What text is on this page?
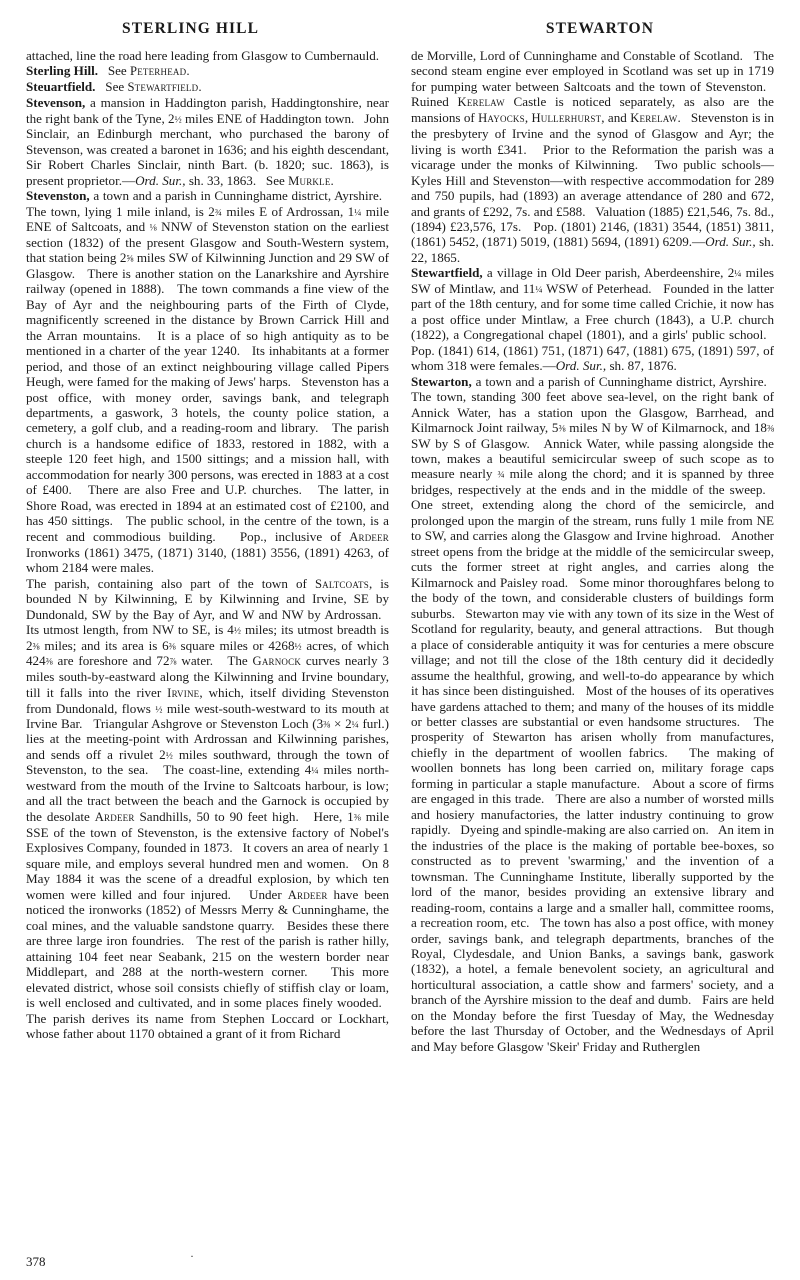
STERLING HILL	STEWARTON

attached, line the road here leading from Glasgow to Cumbernauld.

Sterling Hill.   See Peterhead.

Steuartfield.   See Stewartfield.

Stevenson, a mansion in Haddington parish, Haddingtonshire, near the right bank of the Tyne, 2½ miles ENE of Haddington town.   John Sinclair, an Edinburgh merchant, who purchased the barony of Stevenson, was created a baronet in 1636; and his eighth descendant, Sir Robert Charles Sinclair, ninth Bart. (b. 1820; suc. 1863), is present proprietor.—Ord. Sur., sh. 33, 1863.   See Murkle.

Stevenston, a town and a parish in Cunninghame district, Ayrshire.   The town, lying 1 mile inland, is 2¾ miles E of Ardrossan, 1¼ mile ENE of Saltcoats, and ⅛ NNW of Stevenston station on the earliest section (1832) of the present Glasgow and South-Western system, that station being 2⅝ miles SW of Kilwinning Junction and 29 SW of Glasgow.   There is another station on the Lanarkshire and Ayrshire railway (opened in 1888).   The town commands a fine view of the Bay of Ayr and the neighbouring parts of the Firth of Clyde, magnificently screened in the distance by Brown Carrick Hill and the Arran mountains.   It is a place of so high antiquity as to be mentioned in a charter of the year 1240.   Its inhabitants at a former period, and those of an extinct neighbouring village called Pipers Heugh, were famed for the making of Jews' harps.   Stevenston has a post office, with money order, savings bank, and telegraph departments, a gaswork, 3 hotels, the county police station, a cemetery, a golf club, and a reading-room and library.   The parish church is a handsome edifice of 1833, restored in 1882, with a steeple 120 feet high, and 1500 sittings; and a mission hall, with accommodation for nearly 300 persons, was erected in 1883 at a cost of £400.   There are also Free and U.P. churches.   The latter, in Shore Road, was erected in 1894 at an estimated cost of £2100, and has 450 sittings.   The public school, in the centre of the town, is a recent and commodious building.   Pop., inclusive of Ardeer Ironworks (1861) 3475, (1871) 3140, (1881) 3556, (1891) 4263, of whom 2184 were males.

The parish, containing also part of the town of Saltcoats, is bounded N by Kilwinning, E by Kilwinning and Irvine, SE by Dundonald, SW by the Bay of Ayr, and W and NW by Ardrossan.   Its utmost length, from NW to SE, is 4½ miles; its utmost breadth is 2⅜ miles; and its area is 6⅜ square miles or 4268½ acres, of which 424⅜ are foreshore and 72⅞ water.   The Garnock curves nearly 3 miles south-by-eastward along the Kilwinning and Irvine boundary, till it falls into the river Irvine, which, itself dividing Stevenston from Dundonald, flows ½ mile west-south-westward to its mouth at Irvine Bar.   Triangular Ashgrove or Stevenston Loch (3⅜ × 2¼ furl.) lies at the meeting-point with Ardrossan and Kilwinning parishes, and sends off a rivulet 2½ miles southward, through the town of Stevenston, to the sea.   The coast-line, extending 4¼ miles north-westward from the mouth of the Irvine to Saltcoats harbour, is low; and all the tract between the beach and the Garnock is occupied by the desolate Ardeer Sandhills, 50 to 90 feet high.   Here, 1⅜ mile SSE of the town of Stevenston, is the extensive factory of Nobel's Explosives Company, founded in 1873.   It covers an area of nearly 1 square mile, and employs several hundred men and women.   On 8 May 1884 it was the scene of a dreadful explosion, by which ten women were killed and four injured.   Under Ardeer have been noticed the ironworks (1852) of Messrs Merry & Cunninghame, the coal mines, and the valuable sandstone quarry.   Besides these there are three large iron foundries.   The rest of the parish is rather hilly, attaining 104 feet near Seabank, 215 on the western border near Middlepart, and 288 at the north-western corner.   This more elevated district, whose soil consists chiefly of stiffish clay or loam, is well enclosed and cultivated, and in some places finely wooded.   The parish derives its name from Stephen Loccard or Lockhart, whose father about 1170 obtained a grant of it from Richard

de Morville, Lord of Cunninghame and Constable of Scotland.   The second steam engine ever employed in Scotland was set up in 1719 for pumping water between Saltcoats and the town of Stevenston.   Ruined Kerelaw Castle is noticed separately, as also are the mansions of Hayocks, Hullerhurst, and Kerelaw.   Stevenston is in the presbytery of Irvine and the synod of Glasgow and Ayr; the living is worth £341.   Prior to the Reformation the parish was a vicarage under the monks of Kilwinning.   Two public schools—Kyles Hill and Stevenston—with respective accommodation for 289 and 750 pupils, had (1893) an average attendance of 280 and 672, and grants of £292, 7s. and £588.   Valuation (1885) £21,546, 7s. 8d., (1894) £23,576, 17s.   Pop. (1801) 2146, (1831) 3544, (1851) 3811, (1861) 5452, (1871) 5019, (1881) 5694, (1891) 6209.—Ord. Sur., sh. 22, 1865.

Stewartfield, a village in Old Deer parish, Aberdeenshire, 2¼ miles SW of Mintlaw, and 11¼ WSW of Peterhead.   Founded in the latter part of the 18th century, and for some time called Crichie, it now has a post office under Mintlaw, a Free church (1843), a U.P. church (1822), a Congregational chapel (1801), and a girls' public school.   Pop. (1841) 614, (1861) 751, (1871) 647, (1881) 675, (1891) 597, of whom 318 were females.—Ord. Sur., sh. 87, 1876.

Stewarton, a town and a parish of Cunninghame district, Ayrshire.   The town, standing 300 feet above sea-level, on the right bank of Annick Water, has a station upon the Glasgow, Barrhead, and Kilmarnock Joint railway, 5⅜ miles N by W of Kilmarnock, and 18⅜ SW by S of Glasgow.   Annick Water, while passing alongside the town, makes a beautiful semicircular sweep of such scope as to measure nearly ¾ mile along the chord; and it is spanned by three bridges, respectively at the ends and in the middle of the sweep.   One street, extending along the chord of the semicircle, and prolonged upon the margin of the stream, runs fully 1 mile from NE to SW, and carries along the Glasgow and Irvine highroad.   Another street opens from the bridge at the middle of the semicircular sweep, cuts the former street at right angles, and carries along the Kilmarnock and Paisley road.   Some minor thoroughfares belong to the body of the town, and considerable clusters of buildings form suburbs.   Stewarton may vie with any town of its size in the West of Scotland for regularity, beauty, and general attractions.   But though a place of considerable antiquity it was for centuries a mere obscure village; and not till the close of the 18th century did it decidedly assume the healthful, growing, and well-to-do appearance by which it has since been distinguished.   Most of the houses of its operatives have gardens attached to them; and many of the houses of its middle or better classes are substantial or even handsome structures.   The prosperity of Stewarton has arisen wholly from manufactures, chiefly in the department of woollen fabrics.   The making of woollen bonnets has long been carried on, military forage caps forming in particular a staple manufacture.   About a score of firms are engaged in this trade.   There are also a number of worsted mills and hosiery manufactories, the latter industry continuing to grow rapidly.   Dyeing and spindle-making are also carried on.   An item in the industries of the place is the making of portable bee-boxes, so constructed as to prevent 'swarming,' and the invention of a townsman. The Cunninghame Institute, liberally supported by the lord of the manor, besides providing an extensive library and reading-room, contains a large and a smaller hall, committee rooms, a recreation room, etc.   The town has also a post office, with money order, savings bank, and telegraph departments, branches of the Royal, Clydesdale, and Union Banks, a savings bank, gaswork (1832), a hotel, a female benevolent society, an agricultural and horticultural association, a cattle show and farmers' society, and a branch of the Ayrshire mission to the deaf and dumb.   Fairs are held on the Monday before the first Tuesday of May, the Wednesday before the last Thursday of October, and the Wednesdays of April and May before Glasgow 'Skeir' Friday and Rutherglen

·
378
